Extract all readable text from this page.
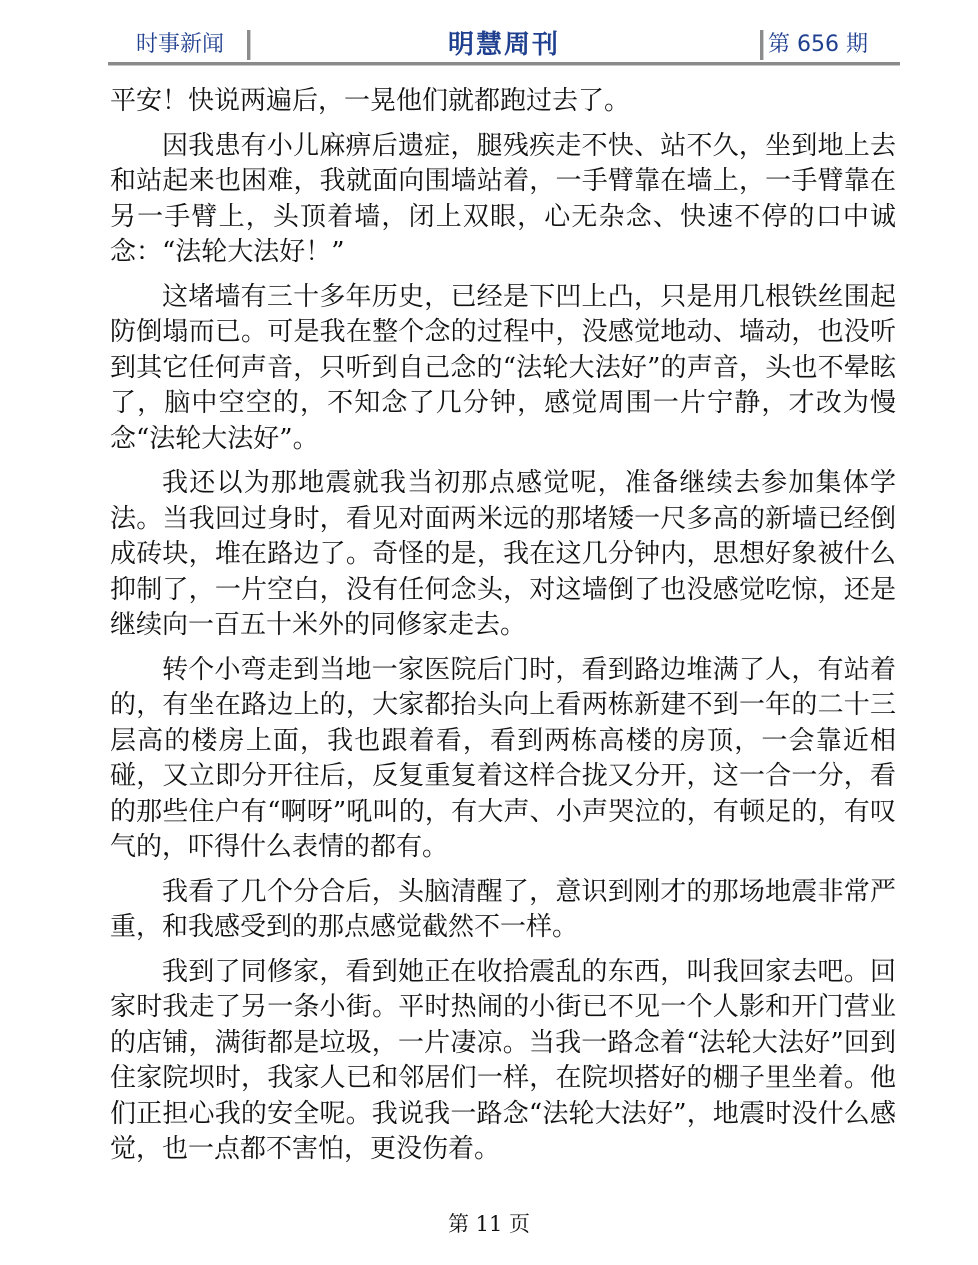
时事新闻	明慧周刊	第 656 期

平安！快说两遍后，一晃他们就都跑过去了。

因我患有小儿麻痹后遗症，腿残疾走不快、站不久，坐到地上去和站起来也困难，我就面向围墙站着，一手臂靠在墙上，一手臂靠在另一手臂上，头顶着墙，闭上双眼，心无杂念、快速不停的口中诚念：“法轮大法好！”

这堵墙有三十多年历史，已经是下凹上凸，只是用几根铁丝围起防倒塌而已。可是我在整个念的过程中，没感觉地动、墙动，也没听到其它任何声音，只听到自己念的“法轮大法好”的声音，头也不晕眩了，脑中空空的，不知念了几分钟，感觉周围一片宁静，才改为慢念“法轮大法好”。

我还以为那地震就我当初那点感觉呢，准备继续去参加集体学法。当我回过身时，看见对面两米远的那堵矮一尺多高的新墙已经倒成砖块，堆在路边了。奇怪的是，我在这几分钟内，思想好象被什么抑制了，一片空白，没有任何念头，对这墙倒了也没感觉吃惊，还是继续向一百五十米外的同修家走去。

转个小弯走到当地一家医院后门时，看到路边堆满了人，有站着的，有坐在路边上的，大家都抬头向上看两栋新建不到一年的二十三层高的楼房上面，我也跟着看，看到两栋高楼的房顶，一会靠近相碰，又立即分开往后，反复重复着这样合拢又分开，这一合一分，看的那些住户有“啊呀”吼叫的，有大声、小声哭泣的，有顿足的，有叹气的，吓得什么表情的都有。

我看了几个分合后，头脑清醒了，意识到刚才的那场地震非常严重，和我感受到的那点感觉截然不一样。

我到了同修家，看到她正在收拾震乱的东西，叫我回家去吧。回家时我走了另一条小街。平时热闹的小街已不见一个人影和开门营业的店铺，满街都是垃圾，一片凄凉。当我一路念着“法轮大法好”回到住家院坝时，我家人已和邻居们一样，在院坝搭好的棚子里坐着。他们正担心我的安全呢。我说我一路念“法轮大法好”，地震时没什么感觉，也一点都不害怕，更没伤着。

第 11 页
